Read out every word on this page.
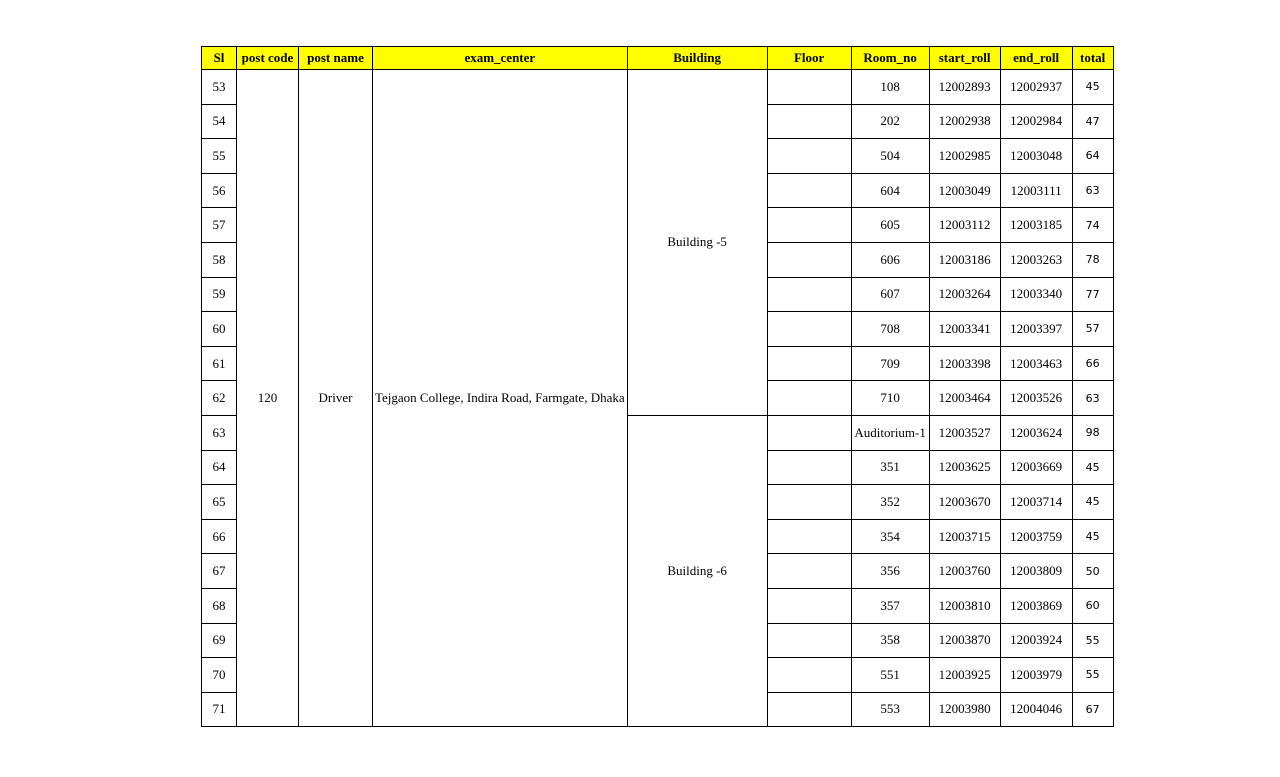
Sl	post code	post name	exam_center	Building	Floor	Room_no	start_roll	end_roll	total
53	120	Driver	Tejgaon College, Indira Road, Farmgate, Dhaka	Building -5		108	12002893	12002937	45
54						202	12002938	12002984	47
55						504	12002985	12003048	64
56						604	12003049	12003111	63
57						605	12003112	12003185	74
58						606	12003186	12003263	78
59						607	12003264	12003340	77
60						708	12003341	12003397	57
61						709	12003398	12003463	66
62						710	12003464	12003526	63
63				Building -6		Auditorium-1	12003527	12003624	98
64						351	12003625	12003669	45
65						352	12003670	12003714	45
66						354	12003715	12003759	45
67						356	12003760	12003809	50
68						357	12003810	12003869	60
69						358	12003870	12003924	55
70						551	12003925	12003979	55
71						553	12003980	12004046	67
